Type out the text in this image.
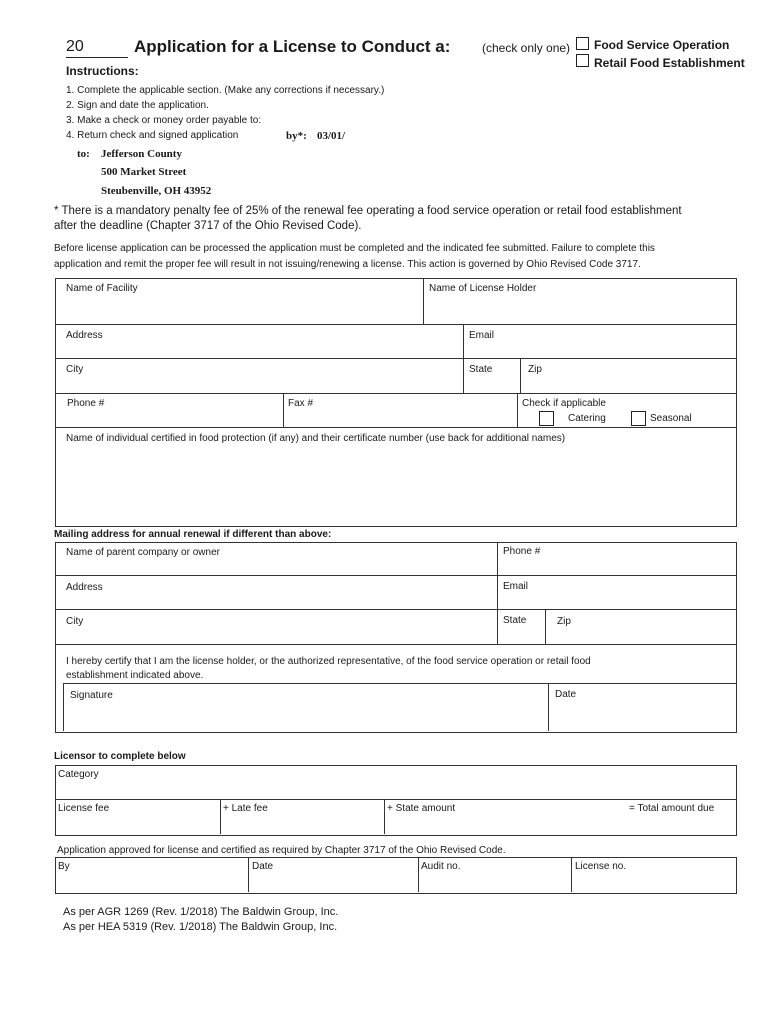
20	Application for a License to Conduct a:	(check only one) Food Service Operation
Retail Food Establishment
Instructions:
1. Complete the applicable section. (Make any corrections if necessary.)
2. Sign and date the application.
3. Make a check or money order payable to:
4. Return check and signed application	by*: 03/01/
to: Jefferson County
500 Market Street
Steubenville, OH 43952
* There is a mandatory penalty fee of 25% of the renewal fee operating a food service operation or retail food establishment
after the deadline (Chapter 3717 of the Ohio Revised Code).
Before license application can be processed the application must be completed and the indicated fee submitted. Failure to complete this
application and remit the proper fee will result in not issuing/renewing a license. This action is governed by Ohio Revised Code 3717.
Name of Facility	Name of License Holder
Address	Email
City	State	Zip
Phone #	Fax #	Check if applicable
Catering	Seasonal
Name of individual certified in food protection (if any) and their certificate number (use back for additional names)
Mailing address for annual renewal if different than above:
Name of parent company or owner	Phone #
Address	Email
City	State	Zip
I hereby certify that I am the license holder, or the authorized representative, of the food service operation or retail food
establishment indicated above.
Signature	Date
Licensor to complete below
Category
License fee	+ Late fee	+ State amount	= Total amount due
Application approved for license and certified as required by Chapter 3717 of the Ohio Revised Code.
By	Date	Audit no.	License no.
As per AGR 1269 (Rev. 1/2018) The Baldwin Group, Inc.
As per HEA 5319 (Rev. 1/2018) The Baldwin Group, Inc.
